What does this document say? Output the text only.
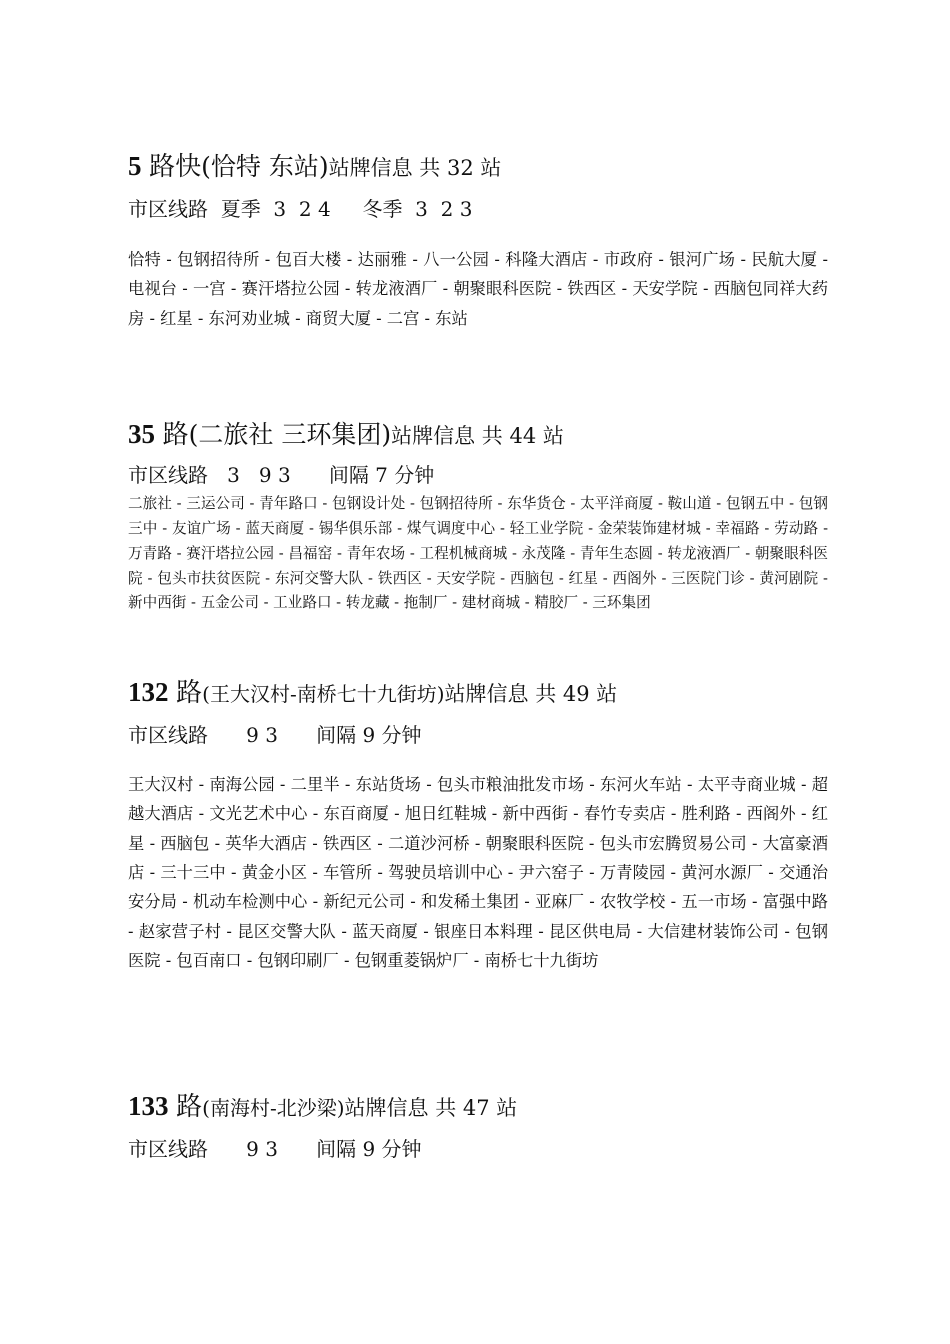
5 路快(恰特 东站)站牌信息 共 32 站

市区线路  夏季  3  2 4     冬季  3  2 3

恰特 - 包钢招待所 - 包百大楼 - 达丽雅 - 八一公园 - 科隆大酒店 - 市政府 - 银河广场 - 民航大厦 - 电视台 - 一宫 - 赛汗塔拉公园 - 转龙液酒厂 - 朝聚眼科医院 - 铁西区 - 天安学院 - 西脑包同祥大药房 - 红星 - 东河劝业城 - 商贸大厦 - 二宫 - 东站

35 路(二旅社 三环集团)站牌信息 共 44 站

市区线路   3   9 3      间隔 7 分钟

二旅社 - 三运公司 - 青年路口 - 包钢设计处 - 包钢招待所 - 东华货仓 - 太平洋商厦 - 鞍山道 - 包钢五中 - 包钢三中 - 友谊广场 - 蓝天商厦 - 锡华俱乐部 - 煤气调度中心 - 轻工业学院 - 金荣装饰建材城 - 幸福路 - 劳动路 - 万青路 - 赛汗塔拉公园 - 昌福窑 - 青年农场 - 工程机械商城 - 永茂隆 - 青年生态圆 - 转龙液酒厂 - 朝聚眼科医院 - 包头市扶贫医院 - 东河交警大队 - 铁西区 - 天安学院 - 西脑包 - 红星 - 西阁外 - 三医院门诊 - 黄河剧院 - 新中西街 - 五金公司 - 工业路口 - 转龙藏 - 拖制厂 - 建材商城 - 精胶厂 - 三环集团

132 路(王大汉村-南桥七十九街坊)站牌信息 共 49 站

市区线路      9 3      间隔 9 分钟

王大汉村 - 南海公园 - 二里半 - 东站货场 - 包头市粮油批发市场 - 东河火车站 - 太平寺商业城 - 超越大酒店 - 文光艺术中心 - 东百商厦 - 旭日红鞋城 - 新中西街 - 春竹专卖店 - 胜利路 - 西阁外 - 红星 - 西脑包 - 英华大酒店 - 铁西区 - 二道沙河桥 - 朝聚眼科医院 - 包头市宏腾贸易公司 - 大富豪酒店 - 三十三中 - 黄金小区 - 车管所 - 驾驶员培训中心 - 尹六窑子 - 万青陵园 - 黄河水源厂 - 交通治安分局 - 机动车检测中心 - 新纪元公司 - 和发稀土集团 - 亚麻厂 - 农牧学校 - 五一市场 - 富强中路 - 赵家营子村 - 昆区交警大队 - 蓝天商厦 - 银座日本料理 - 昆区供电局 - 大信建材装饰公司 - 包钢医院 - 包百南口 - 包钢印刷厂 - 包钢重菱锅炉厂 - 南桥七十九街坊

133 路(南海村-北沙梁)站牌信息 共 47 站

市区线路      9 3      间隔 9 分钟
